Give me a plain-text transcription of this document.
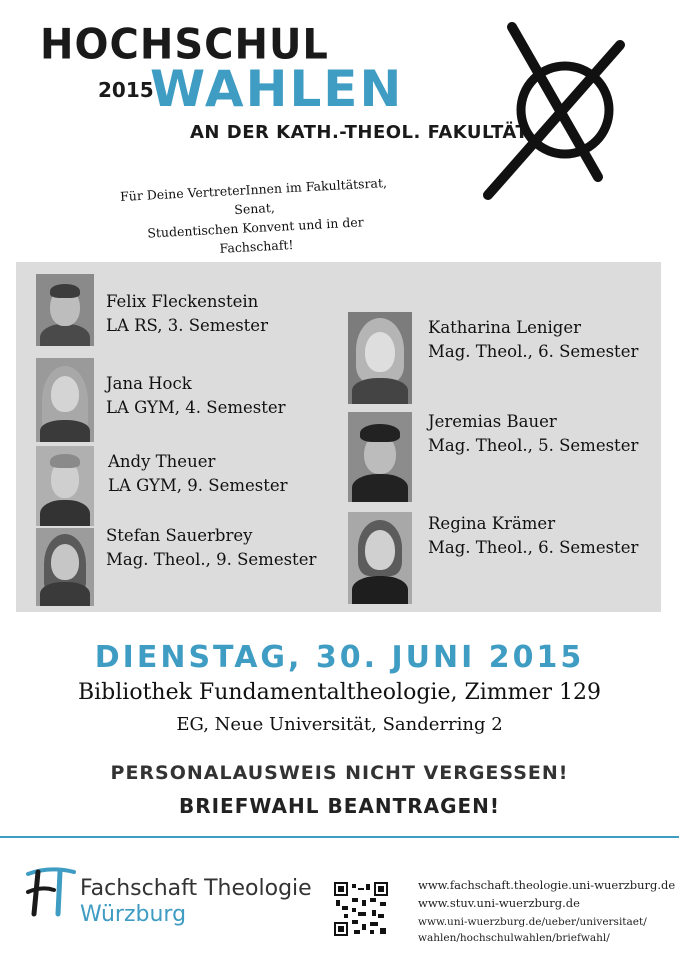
HOCHSCHUL
2015
WAHLEN
AN DER KATH.-THEOL. FAKULTÄT
Für Deine VertreterInnen im Fakultätsrat, Senat,
Studentischen Konvent und in der Fachschaft!
Felix Fleckenstein
LA RS, 3. Semester
Jana Hock
LA GYM, 4. Semester
Andy Theuer
LA GYM, 9. Semester
Stefan Sauerbrey
Mag. Theol., 9. Semester
Katharina Leniger
Mag. Theol., 6. Semester
Jeremias Bauer
Mag. Theol., 5. Semester
Regina Krämer
Mag. Theol., 6. Semester
DIENSTAG, 30. JUNI 2015
Bibliothek Fundamentaltheologie, Zimmer 129
EG, Neue Universität, Sanderring 2
PERSONALAUSWEIS NICHT VERGESSEN!
BRIEFWAHL BEANTRAGEN!
Fachschaft Theologie
Würzburg
www.fachschaft.theologie.uni-wuerzburg.de
www.stuv.uni-wuerzburg.de
www.uni-wuerzburg.de/ueber/universitaet/
wahlen/hochschulwahlen/briefwahl/
